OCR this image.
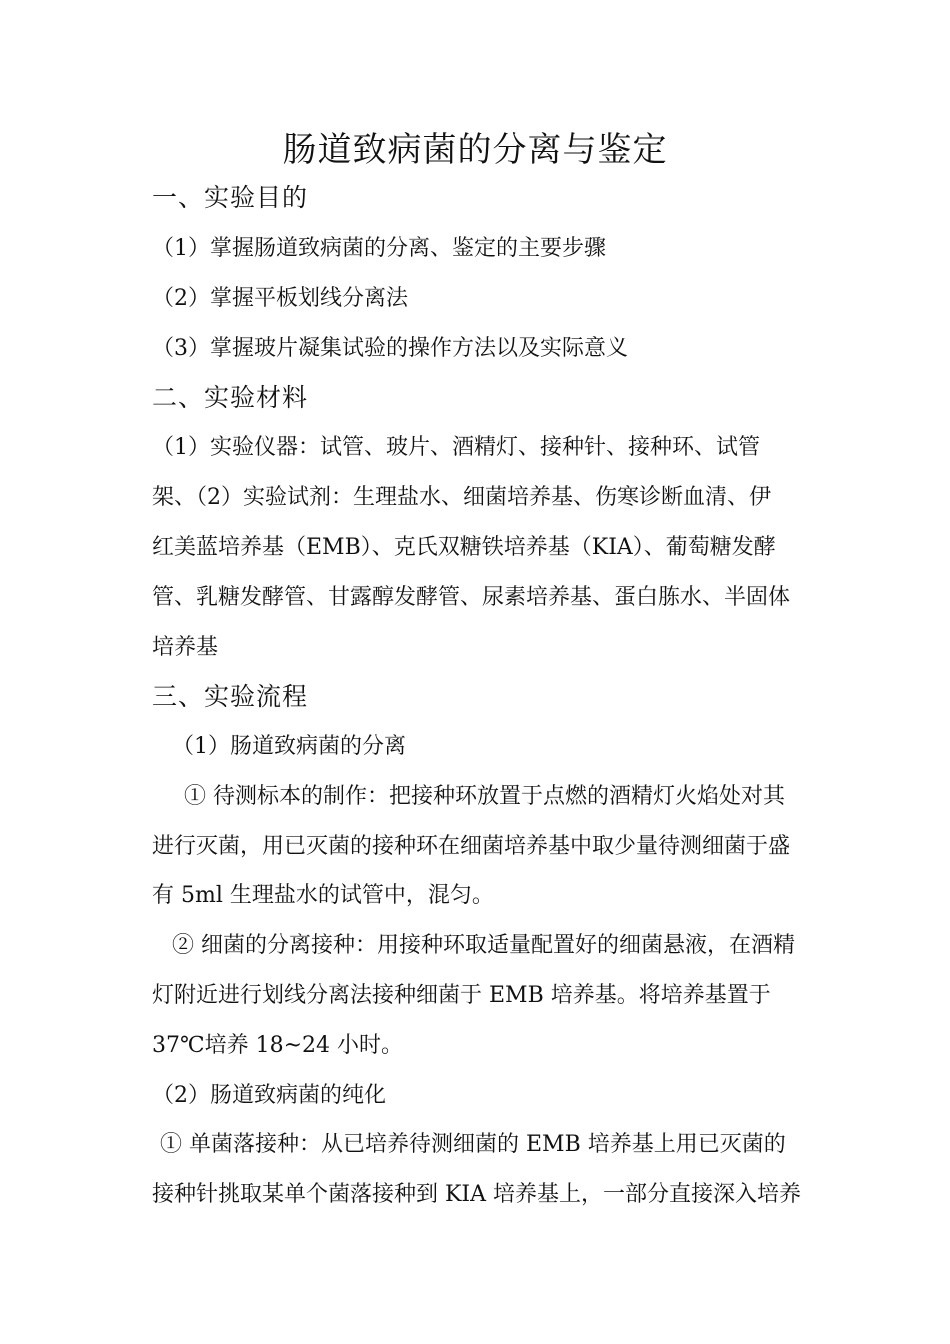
肠道致病菌的分离与鉴定
一、实验目的
（1）掌握肠道致病菌的分离、鉴定的主要步骤
（2）掌握平板划线分离法
（3）掌握玻片凝集试验的操作方法以及实际意义
二、实验材料
（1）实验仪器：试管、玻片、酒精灯、接种针、接种环、试管
架、（2）实验试剂：生理盐水、细菌培养基、伤寒诊断血清、伊
红美蓝培养基（EMB）、克氏双糖铁培养基（KIA）、葡萄糖发酵
管、乳糖发酵管、甘露醇发酵管、尿素培养基、蛋白胨水、半固体
培养基
三、实验流程
（1）肠道致病菌的分离
① 待测标本的制作：把接种环放置于点燃的酒精灯火焰处对其
进行灭菌，用已灭菌的接种环在细菌培养基中取少量待测细菌于盛
有 5ml 生理盐水的试管中，混匀。
② 细菌的分离接种：用接种环取适量配置好的细菌悬液，在酒精
灯附近进行划线分离法接种细菌于 EMB 培养基。将培养基置于
37℃培养 18~24 小时。
（2）肠道致病菌的纯化
① 单菌落接种：从已培养待测细菌的 EMB 培养基上用已灭菌的
接种针挑取某单个菌落接种到 KIA 培养基上，一部分直接深入培养
